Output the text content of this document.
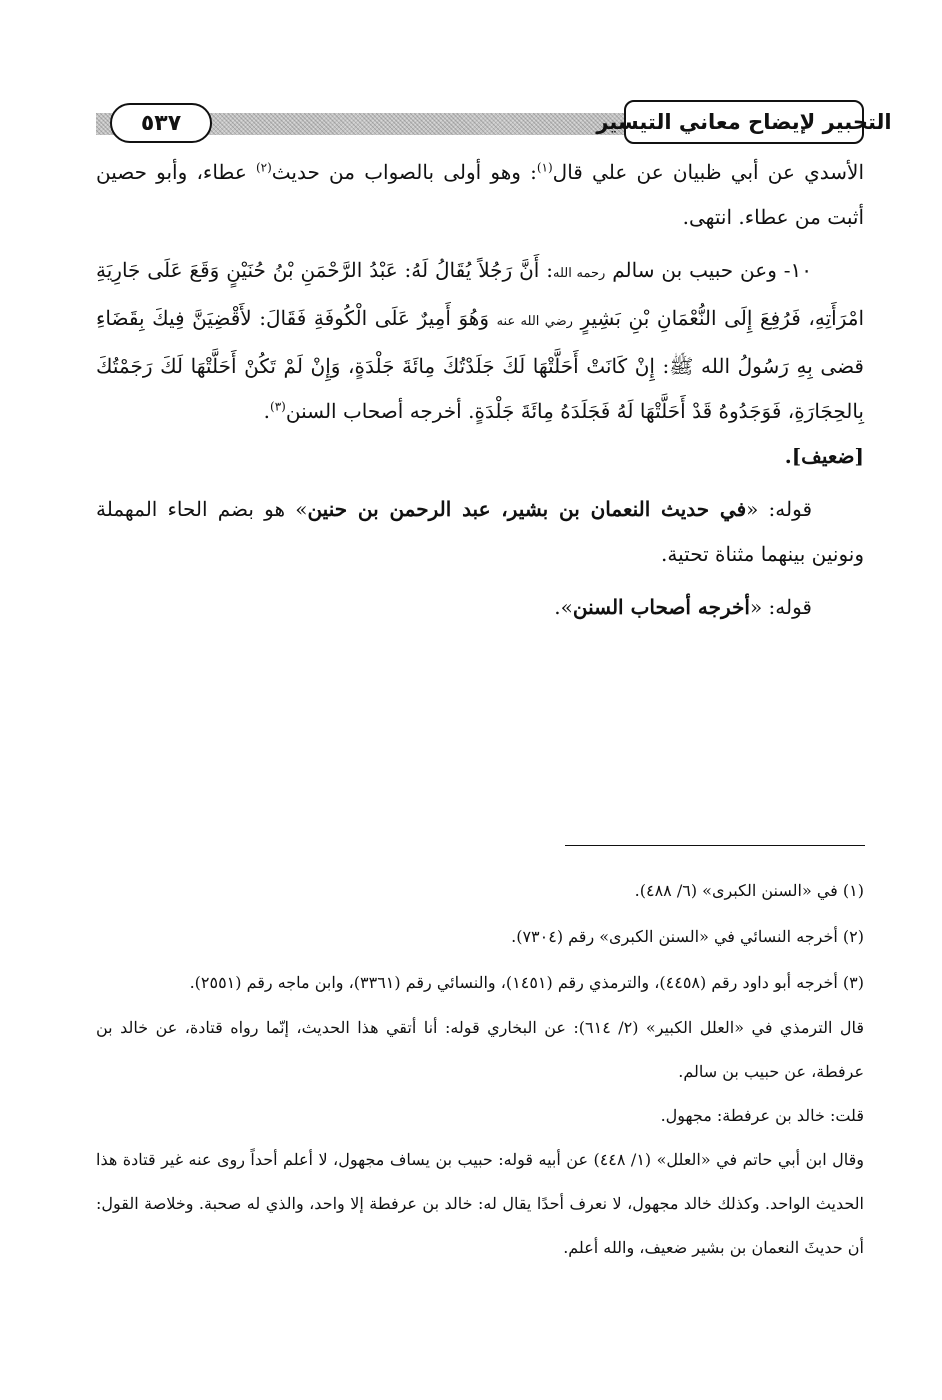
التحبير لإيضاح معاني التيسير
٥٣٧

الأسدي عن أبي ظبيان عن علي قال$^{(١)}$: وهو أولى بالصواب من حديث$^{(٢)}$ عطاء، وأبو حصين أثبت من عطاء. انتهى.

١٠- وعن حبيب بن سالم رحمه الله: أَنَّ رَجُلاً يُقَالُ لَهُ: عَبْدُ الرَّحْمَنِ بْنُ حُنَيْنٍ وَقَعَ عَلَى جَارِيَةِ امْرَأَتِهِ، فَرُفِعَ إِلَى النُّعْمَانِ بْنِ بَشِيرٍ رضي الله عنه وَهُوَ أَمِيرٌ عَلَى الْكُوفَةِ فَقَالَ: لأَقْضِيَنَّ فِيكَ بِقَضَاءِ قضى بِهِ رَسُولُ الله ﷺ: إِنْ كَانَتْ أَحَلَّتْهَا لَكَ جَلَدْتُكَ مِائَةَ جَلْدَةٍ، وَإِنْ لَمْ تَكُنْ أَحَلَّتْهَا لَكَ رَجَمْتُكَ بِالحِجَارَةِ، فَوَجَدُوهُ قَدْ أَحَلَّتْهَا لَهُ فَجَلَدَهُ مِائَةَ جَلْدَةٍ. أخرجه أصحاب السنن$^{(٣)}$.

[ضعيف].

قوله: «في حديث النعمان بن بشير، عبد الرحمن بن حنين» هو بضم الحاء المهملة ونونين بينهما مثناة تحتية.

قوله: «أخرجه أصحاب السنن».

(١) في «السنن الكبرى» (٦/ ٤٨٨).

(٢) أخرجه النسائي في «السنن الكبرى» رقم (٧٣٠٤).

(٣) أخرجه أبو داود رقم (٤٤٥٨)، والترمذي رقم (١٤٥١)، والنسائي رقم (٣٣٦١)، وابن ماجه رقم (٢٥٥١).

قال الترمذي في «العلل الكبير» (٢/ ٦١٤): عن البخاري قوله: أنا أتقي هذا الحديث، إنّما رواه قتادة، عن خالد بن عرفطة، عن حبيب بن سالم.

قلت: خالد بن عرفطة: مجهول.

وقال ابن أبي حاتم في «العلل» (١/ ٤٤٨) عن أبيه قوله: حبيب بن يساف مجهول، لا أعلم أحداً روى عنه غير قتادة هذا الحديث الواحد. وكذلك خالد مجهول، لا نعرف أحدًا يقال له: خالد بن عرفطة إلا واحد، والذي له صحبة. وخلاصة القول: أن حديثَ النعمان بن بشير ضعيف، والله أعلم.
